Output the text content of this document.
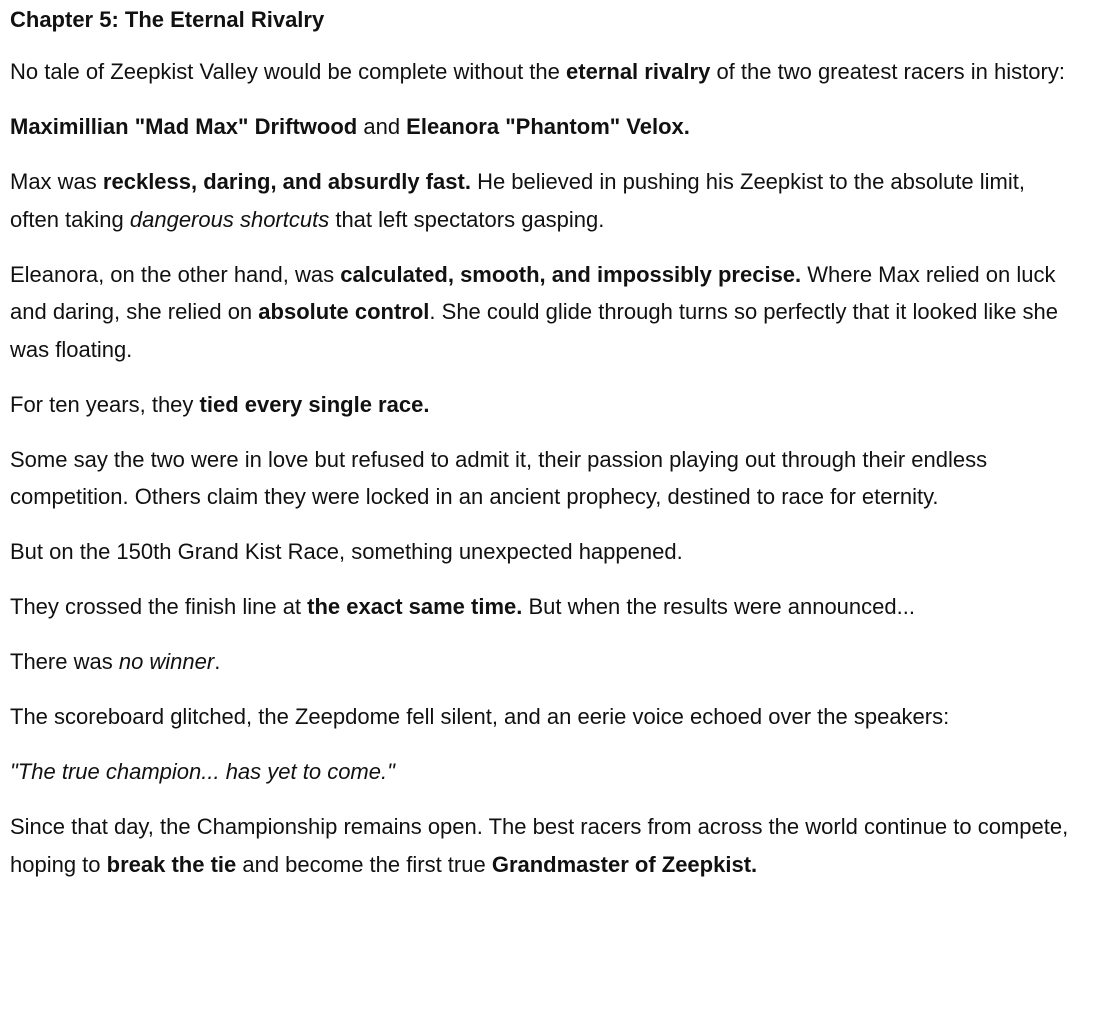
Chapter 5: The Eternal Rivalry

No tale of Zeepkist Valley would be complete without the eternal rivalry of the two greatest racers in history:

Maximillian "Mad Max" Driftwood and Eleanora "Phantom" Velox.

Max was reckless, daring, and absurdly fast. He believed in pushing his Zeepkist to the absolute limit, often taking dangerous shortcuts that left spectators gasping.

Eleanora, on the other hand, was calculated, smooth, and impossibly precise. Where Max relied on luck and daring, she relied on absolute control. She could glide through turns so perfectly that it looked like she was floating.

For ten years, they tied every single race.

Some say the two were in love but refused to admit it, their passion playing out through their endless competition. Others claim they were locked in an ancient prophecy, destined to race for eternity.

But on the 150th Grand Kist Race, something unexpected happened.

They crossed the finish line at the exact same time. But when the results were announced...

There was no winner.

The scoreboard glitched, the Zeepdome fell silent, and an eerie voice echoed over the speakers:

"The true champion... has yet to come."

Since that day, the Championship remains open. The best racers from across the world continue to compete, hoping to break the tie and become the first true Grandmaster of Zeepkist.
